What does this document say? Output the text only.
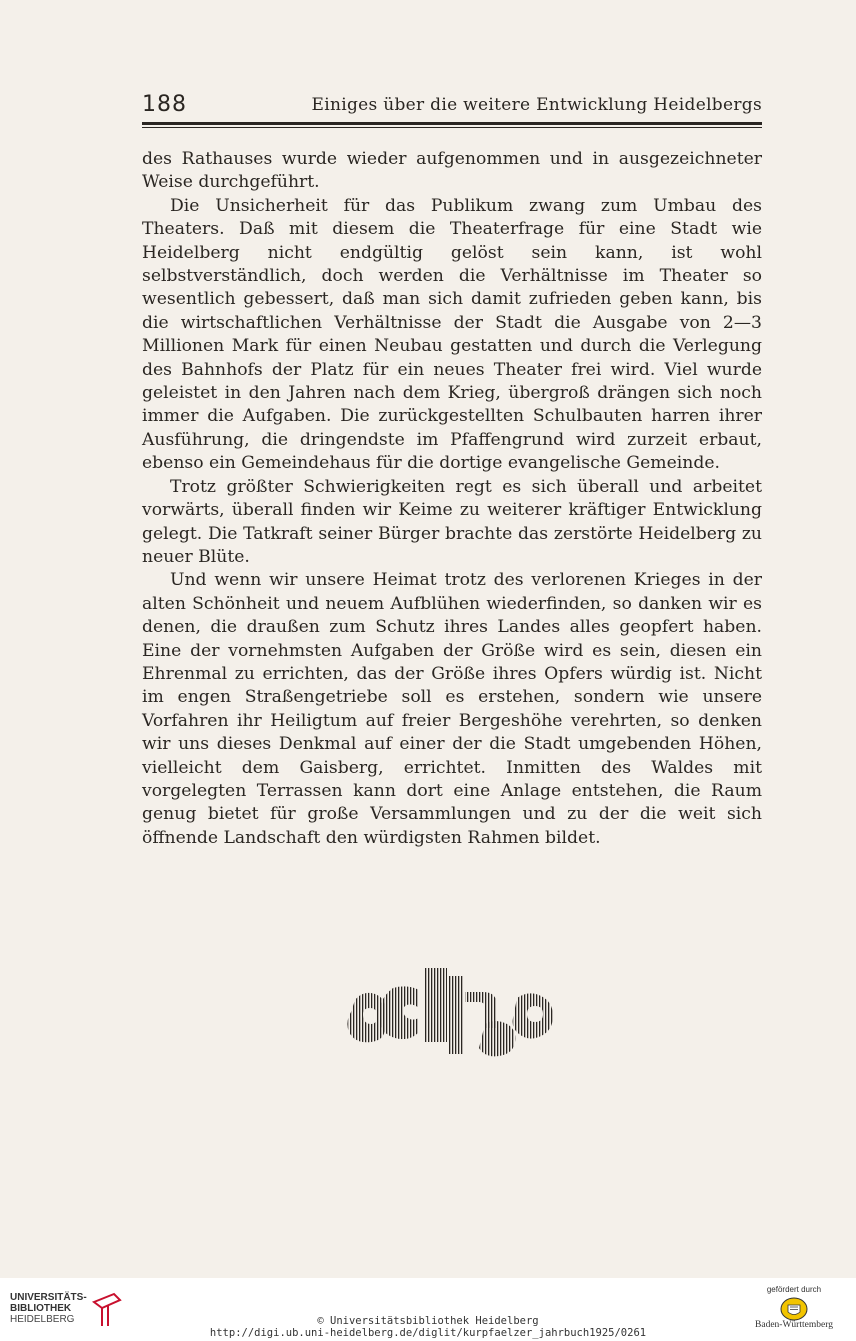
188	Einiges über die weitere Entwicklung Heidelbergs

des Rathauses wurde wieder aufgenommen und in ausgezeichneter Weise durchgeführt.

Die Unsicherheit für das Publikum zwang zum Umbau des Theaters. Daß mit diesem die Theaterfrage für eine Stadt wie Heidelberg nicht endgültig gelöst sein kann, ist wohl selbstverständlich, doch werden die Verhältnisse im Theater so wesentlich gebessert, daß man sich damit zufrieden geben kann, bis die wirtschaftlichen Verhältnisse der Stadt die Ausgabe von 2—3 Millionen Mark für einen Neubau gestatten und durch die Verlegung des Bahnhofs der Platz für ein neues Theater frei wird. Viel wurde geleistet in den Jahren nach dem Krieg, übergroß drängen sich noch immer die Aufgaben. Die zurückgestellten Schulbauten harren ihrer Ausführung, die dringendste im Pfaffengrund wird zurzeit erbaut, ebenso ein Gemeindehaus für die dortige evangelische Gemeinde.

Trotz größter Schwierigkeiten regt es sich überall und arbeitet vorwärts, überall finden wir Keime zu weiterer kräftiger Entwicklung gelegt. Die Tatkraft seiner Bürger brachte das zerstörte Heidelberg zu neuer Blüte.

Und wenn wir unsere Heimat trotz des verlorenen Krieges in der alten Schönheit und neuem Aufblühen wiederfinden, so danken wir es denen, die draußen zum Schutz ihres Landes alles geopfert haben. Eine der vornehmsten Aufgaben der Größe wird es sein, diesen ein Ehrenmal zu errichten, das der Größe ihres Opfers würdig ist. Nicht im engen Straßengetriebe soll es erstehen, sondern wie unsere Vorfahren ihr Heiligtum auf freier Bergeshöhe verehrten, so denken wir uns dieses Denkmal auf einer der die Stadt umgebenden Höhen, vielleicht dem Gaisberg, errichtet. Inmitten des Waldes mit vorgelegten Terrassen kann dort eine Anlage entstehen, die Raum genug bietet für große Versammlungen und zu der die weit sich öffnende Landschaft den würdigsten Rahmen bildet.

UNIVERSITÄTS-
BIBLIOTHEK
HEIDELBERG	© Universitätsbibliothek Heidelberg
http://digi.ub.uni-heidelberg.de/diglit/kurpfaelzer_jahrbuch1925/0261
gefördert durch
Baden-Württemberg
